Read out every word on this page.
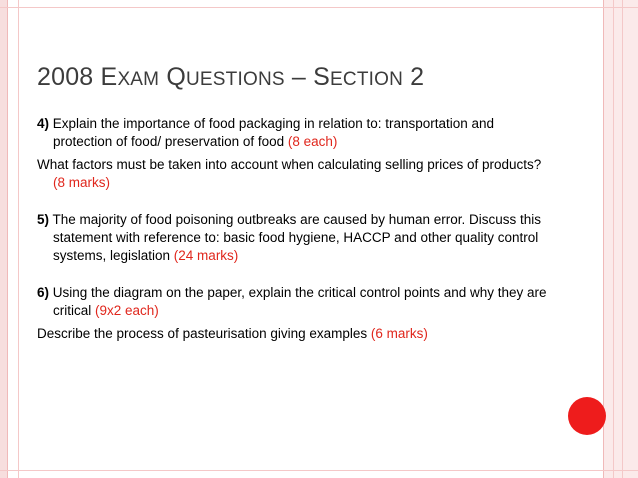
2008 EXAM QUESTIONS – SECTION 2

4) Explain the importance of food packaging in relation to: transportation and protection of food/ preservation of food (8 each)

What factors must be taken into account when calculating selling prices of products? (8 marks)

5) The majority of food poisoning outbreaks are caused by human error. Discuss this statement with reference to: basic food hygiene, HACCP and other quality control systems, legislation (24 marks)

6) Using the diagram on the paper, explain the critical control points and why they are critical (9x2 each)

Describe the process of pasteurisation giving examples (6 marks)
